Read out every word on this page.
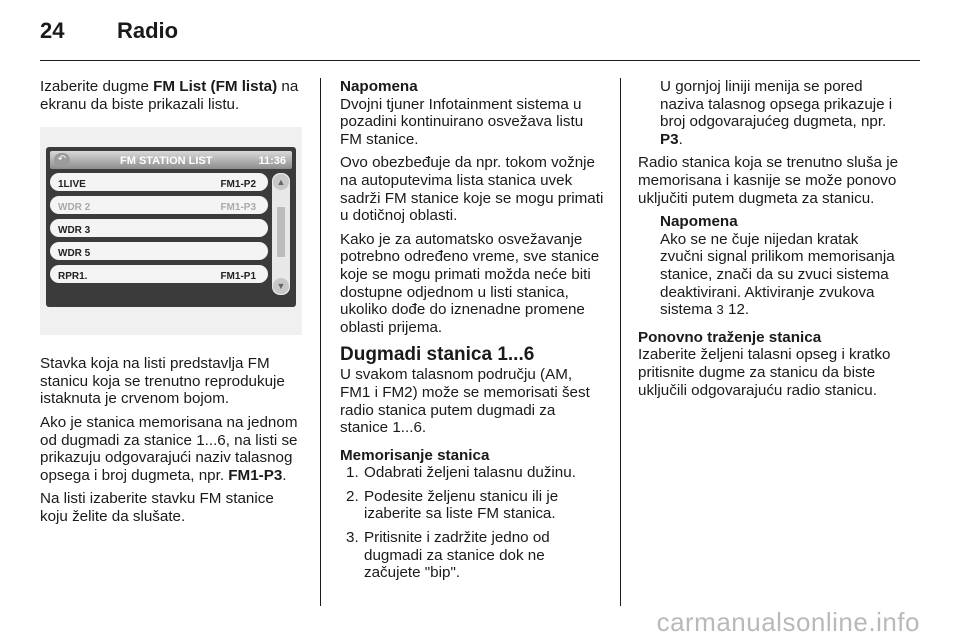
24 Radio

Izaberite dugme FM List (FM lista) na ekranu da biste prikazali listu.

↶	FM STATION LIST	11:36
1LIVE	FM1-P2
WDR 2	FM1-P3
WDR 3
WDR 5
RPR1.	FM1-P1
▲
▼

Stavka koja na listi predstavlja FM stanicu koja se trenutno reprodukuje istaknuta je crvenom bojom.

Ako je stanica memorisana na jednom od dugmadi za stanice 1...6, na listi se prikazuju odgovarajući naziv talasnog opsega i broj dugmeta, npr. FM1-P3.

Na listi izaberite stavku FM stanice koju želite da slušate.

Napomena

Dvojni tjuner Infotainment sistema u pozadini kontinuirano osvežava listu FM stanice.

Ovo obezbeđuje da npr. tokom vožnje na autoputevima lista stanica uvek sadrži FM stanice koje se mogu primati u dotičnoj oblasti.

Kako je za automatsko osvežavanje potrebno određeno vreme, sve stanice koje se mogu primati možda neće biti dostupne odjednom u listi stanica, ukoliko dođe do iznenadne promene oblasti prijema.

Dugmadi stanica 1...6

U svakom talasnom području (AM, FM1 i FM2) može se memorisati šest radio stanica putem dugmadi za stanice 1...6.

Memorisanje stanica
1. Odabrati željeni talasnu dužinu.
2. Podesite željenu stanicu ili je izaberite sa liste FM stanica.
3. Pritisnite i zadržite jedno od dugmadi za stanice dok ne začujete "bip".

U gornjoj liniji menija se pored naziva talasnog opsega prikazuje i broj odgovarajućeg dugmeta, npr. P3.

Radio stanica koja se trenutno sluša je memorisana i kasnije se može ponovo uključiti putem dugmeta za stanicu.

Napomena
Ako se ne čuje nijedan kratak zvučni signal prilikom memorisanja stanice, znači da su zvuci sistema deaktivirani. Aktiviranje zvukova sistema 3 12.
Ponovno traženje stanica

Izaberite željeni talasni opseg i kratko pritisnite dugme za stanicu da biste uključili odgovarajuću radio stanicu.

carmanualsonline.info
